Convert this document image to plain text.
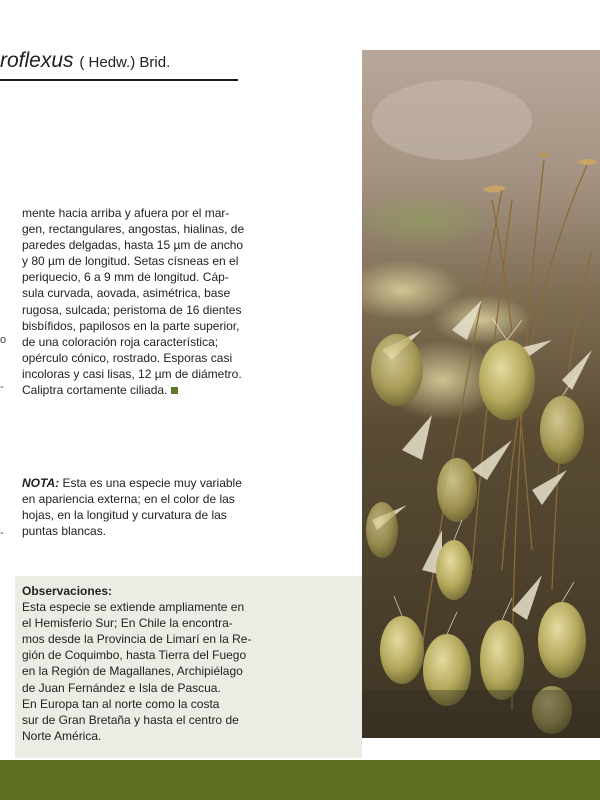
roflexus ( Hedw.) Brid.
o
-
-
mente hacia arriba y afuera por el mar-
gen, rectangulares, angostas, hialinas, de
paredes delgadas, hasta 15 µm de ancho
y 80 µm de longitud. Setas císneas en el
periquecio, 6 a 9 mm de longitud. Cáp-
sula curvada, aovada, asimétrica, base
rugosa, sulcada; peristoma de 16 dientes
bisbífidos, papilosos en la parte superior,
de una coloración roja característica;
opérculo cónico, rostrado. Esporas casi
incoloras y casi lisas, 12 µm de diámetro.
Caliptra cortamente ciliada.
NOTA: Esta es una especie muy variable
en apariencia externa; en el color de las
hojas, en la longitud y curvatura de las
puntas blancas.
Observaciones:
Esta especie se extiende ampliamente en
el Hemisferio Sur; En Chile la encontra-
mos desde la Provincia de Limarí en la Re-
gión de Coquimbo, hasta Tierra del Fuego
en la Región de Magallanes, Archipiélago
de Juan Fernández e Isla de Pascua.
En Europa tan al norte como la costa
sur de Gran Bretaña y hasta el centro de
Norte América.
